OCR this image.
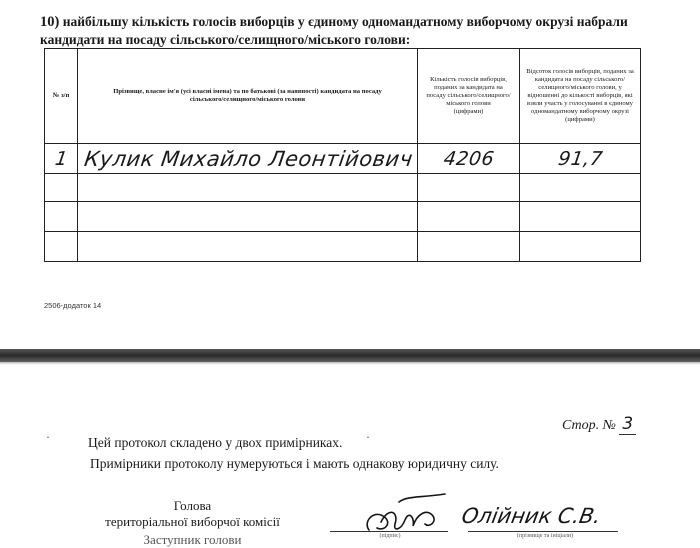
10) найбільшу кількість голосів виборців у єдиному одномандатному виборчому окрузі набрали
кандидати на посаду сільського/селищного/міського голови:
№ з/п	Прізвище, власне ім'я (усі власні імена) та по батькові (за наявності) кандидата на посаду сільського/селищного/міського голови	Кількість голосів виборців, поданих за кандидата на посаду сільського/селищного/міського голови
(цифрами)	Відсоток голосів виборців, поданих за кандидата на посаду сільського/селищного/міського голови, у відношенні до кількості виборців, які взяли участь у голосуванні в єдиному одномандатному виборчому окрузі
(цифрами)
1	Кулик Михайло Леонтійович	4206	91,7

2506-додаток 14
Стор. № 3
·	·
Цей протокол складено у двох примірниках.
Примірники протоколу нумеруються і мають однакову юридичну силу.
Голова
територіальної виборчої комісії
Заступник голови
Олійник С.В.
(підпис)	(прізвище та ініціали)
